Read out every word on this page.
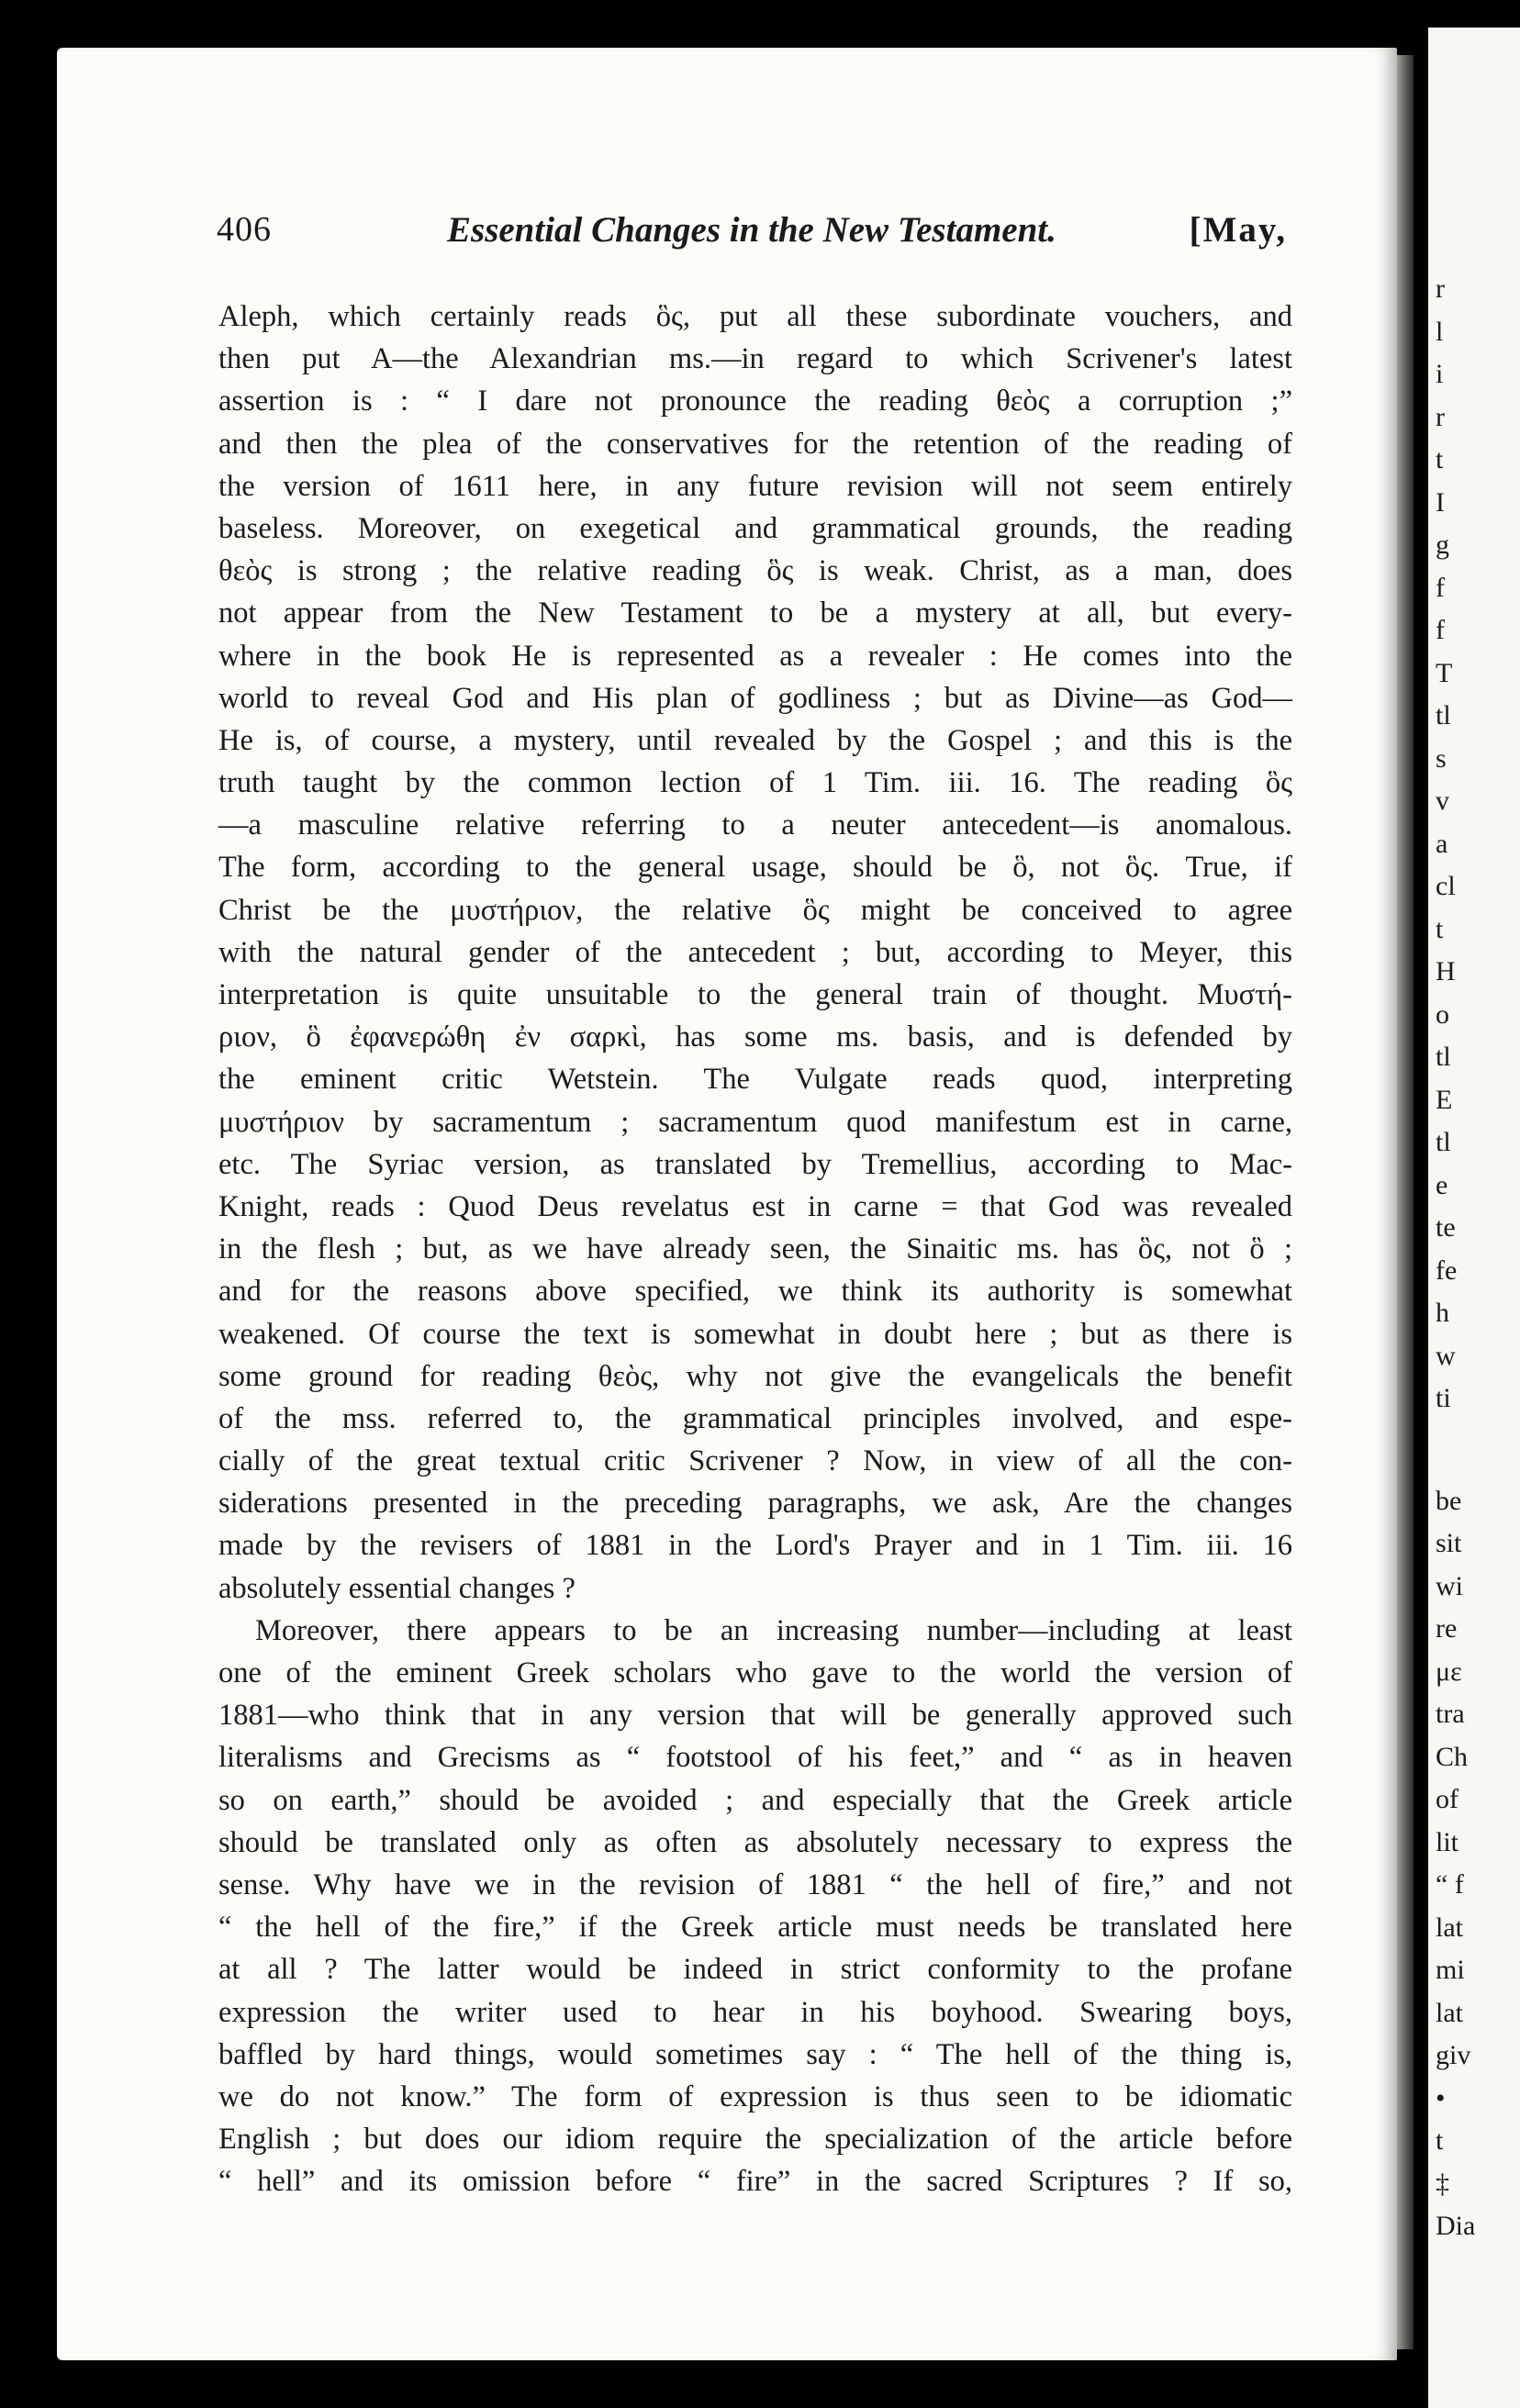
r
l
i
r
t
I
g
f
f
T
tl
s
v
a
cl
t
H
o
tl
E
tl
e
te
fe
h
w
ti
be
sit
wi
re
με
tra
Ch
of
lit
“ f
lat
mi
lat
giv
•
t
‡
Dia
406	Essential Changes in the New Testament.	[May,
Aleph, which certainly reads ὃς, put all these subordinate vouchers, and
then put A—the Alexandrian ms.—in regard to which Scrivener's latest
assertion is : “ I dare not pronounce the reading θεὸς a corruption ;”
and then the plea of the conservatives for the retention of the reading of
the version of 1611 here, in any future revision will not seem entirely
baseless. Moreover, on exegetical and grammatical grounds, the reading
θεὸς is strong ; the relative reading ὃς is weak. Christ, as a man, does
not appear from the New Testament to be a mystery at all, but every-
where in the book He is represented as a revealer : He comes into the
world to reveal God and His plan of godliness ; but as Divine—as God—
He is, of course, a mystery, until revealed by the Gospel ; and this is the
truth taught by the common lection of 1 Tim. iii. 16. The reading ὃς
—a masculine relative referring to a neuter antecedent—is anomalous.
The form, according to the general usage, should be ὃ, not ὃς. True, if
Christ be the μυστήριον, the relative ὃς might be conceived to agree
with the natural gender of the antecedent ; but, according to Meyer, this
interpretation is quite unsuitable to the general train of thought. Μυστή-
ριον, ὃ ἐφανερώθη ἐν σαρκὶ, has some ms. basis, and is defended by
the eminent critic Wetstein. The Vulgate reads quod, interpreting
μυστήριον by sacramentum ; sacramentum quod manifestum est in carne,
etc. The Syriac version, as translated by Tremellius, according to Mac-
Knight, reads : Quod Deus revelatus est in carne = that God was revealed
in the flesh ; but, as we have already seen, the Sinaitic ms. has ὃς, not ὃ ;
and for the reasons above specified, we think its authority is somewhat
weakened. Of course the text is somewhat in doubt here ; but as there is
some ground for reading θεὸς, why not give the evangelicals the benefit
of the mss. referred to, the grammatical principles involved, and espe-
cially of the great textual critic Scrivener ? Now, in view of all the con-
siderations presented in the preceding paragraphs, we ask, Are the changes
made by the revisers of 1881 in the Lord's Prayer and in 1 Tim. iii. 16
absolutely essential changes ?
Moreover, there appears to be an increasing number—including at least
one of the eminent Greek scholars who gave to the world the version of
1881—who think that in any version that will be generally approved such
literalisms and Grecisms as “ footstool of his feet,” and “ as in heaven
so on earth,” should be avoided ; and especially that the Greek article
should be translated only as often as absolutely necessary to express the
sense. Why have we in the revision of 1881 “ the hell of fire,” and not
“ the hell of the fire,” if the Greek article must needs be translated here
at all ? The latter would be indeed in strict conformity to the profane
expression the writer used to hear in his boyhood. Swearing boys,
baffled by hard things, would sometimes say : “ The hell of the thing is,
we do not know.” The form of expression is thus seen to be idiomatic
English ; but does our idiom require the specialization of the article before
“ hell” and its omission before “ fire” in the sacred Scriptures ? If so,
